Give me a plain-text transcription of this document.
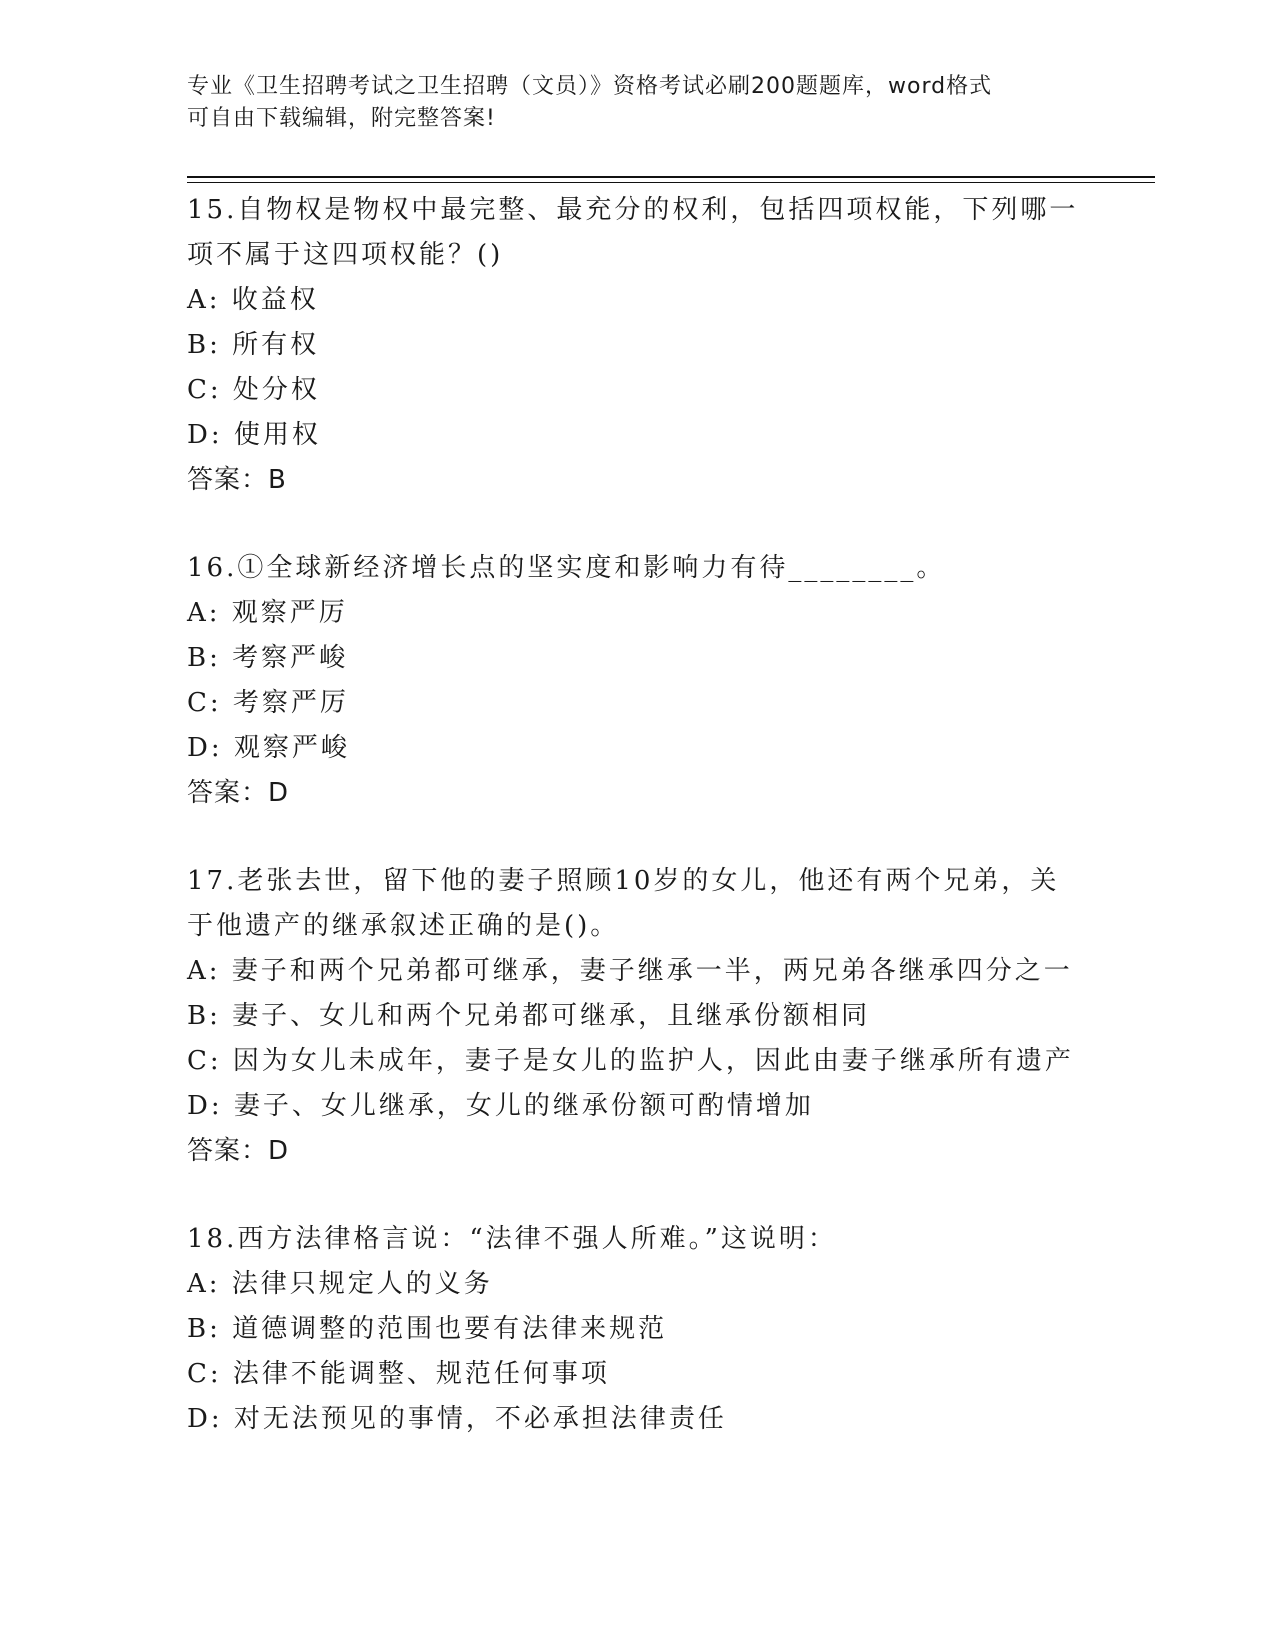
专业《卫生招聘考试之卫生招聘（文员）》资格考试必刷200题题库，word格式
可自由下载编辑，附完整答案!
15.自物权是物权中最完整、最充分的权利，包括四项权能，下列哪一
项不属于这四项权能？()
A: 收益权
B: 所有权
C: 处分权
D: 使用权
答案：B
16.①全球新经济增长点的坚实度和影响力有待________。
A: 观察严厉
B: 考察严峻
C: 考察严厉
D: 观察严峻
答案：D
17.老张去世，留下他的妻子照顾10岁的女儿，他还有两个兄弟，关
于他遗产的继承叙述正确的是()。
A: 妻子和两个兄弟都可继承，妻子继承一半，两兄弟各继承四分之一
B: 妻子、女儿和两个兄弟都可继承，且继承份额相同
C: 因为女儿未成年，妻子是女儿的监护人，因此由妻子继承所有遗产
D: 妻子、女儿继承，女儿的继承份额可酌情增加
答案：D
18.西方法律格言说：“法律不强人所难。”这说明：
A: 法律只规定人的义务
B: 道德调整的范围也要有法律来规范
C: 法律不能调整、规范任何事项
D: 对无法预见的事情，不必承担法律责任
